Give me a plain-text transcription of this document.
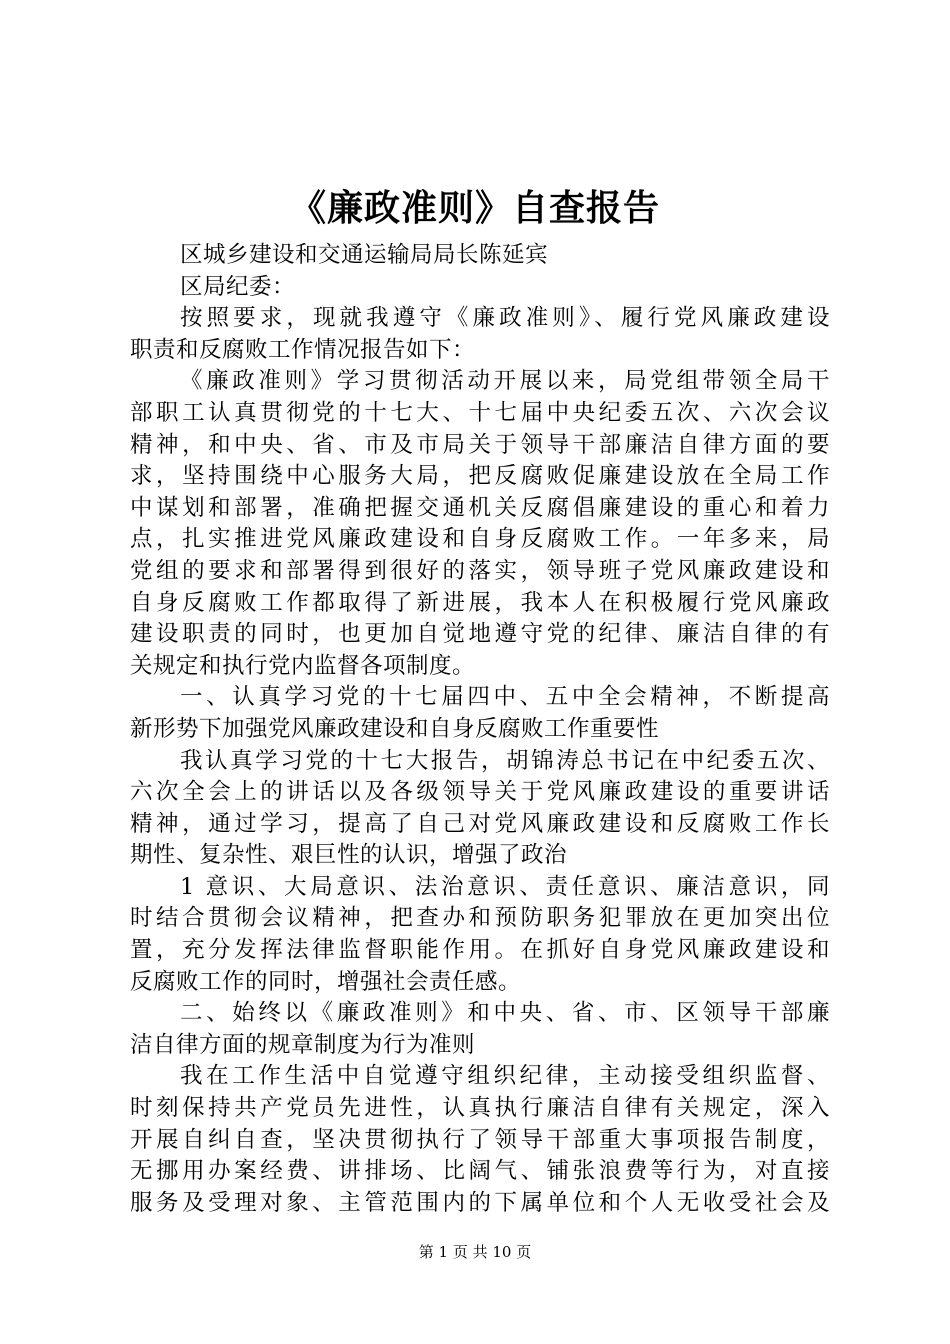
《廉政准则》自查报告
区城乡建设和交通运输局局长陈延宾
区局纪委：
按照要求，现就我遵守《廉政准则》、履行党风廉政建设
职责和反腐败工作情况报告如下：
《廉政准则》学习贯彻活动开展以来，局党组带领全局干
部职工认真贯彻党的十七大、十七届中央纪委五次、六次会议
精神，和中央、省、市及市局关于领导干部廉洁自律方面的要
求，坚持围绕中心服务大局，把反腐败促廉建设放在全局工作
中谋划和部署，准确把握交通机关反腐倡廉建设的重心和着力
点，扎实推进党风廉政建设和自身反腐败工作。一年多来，局
党组的要求和部署得到很好的落实，领导班子党风廉政建设和
自身反腐败工作都取得了新进展，我本人在积极履行党风廉政
建设职责的同时，也更加自觉地遵守党的纪律、廉洁自律的有
关规定和执行党内监督各项制度。
一、认真学习党的十七届四中、五中全会精神，不断提高
新形势下加强党风廉政建设和自身反腐败工作重要性
我认真学习党的十七大报告，胡锦涛总书记在中纪委五次、
六次全会上的讲话以及各级领导关于党风廉政建设的重要讲话
精神，通过学习，提高了自己对党风廉政建设和反腐败工作长
期性、复杂性、艰巨性的认识，增强了政治
1 意识、大局意识、法治意识、责任意识、廉洁意识，同
时结合贯彻会议精神，把查办和预防职务犯罪放在更加突出位
置，充分发挥法律监督职能作用。在抓好自身党风廉政建设和
反腐败工作的同时，增强社会责任感。
二、始终以《廉政准则》和中央、省、市、区领导干部廉
洁自律方面的规章制度为行为准则
我在工作生活中自觉遵守组织纪律，主动接受组织监督、
时刻保持共产党员先进性，认真执行廉洁自律有关规定，深入
开展自纠自查，坚决贯彻执行了领导干部重大事项报告制度，
无挪用办案经费、讲排场、比阔气、铺张浪费等行为，对直接
服务及受理对象、主管范围内的下属单位和个人无收受社会及
第 1 页 共 10 页
